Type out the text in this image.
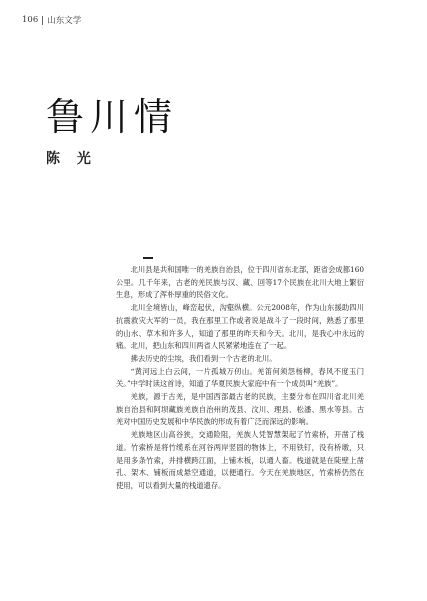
106 山东文学
鲁川情
陈 光

北川县是共和国唯一的羌族自治县，位于四川省东北部，距省会成都160公里。几千年来，古老的羌民族与汉、藏、回等17个民族在北川大地上繁衍生息，形成了浑朴厚重的民俗文化。

北川全境皆山，峰峦起伏，沟壑纵横。公元2008年，作为山东援助四川抗震救灾大军的一员，我在那里工作或者说是战斗了一段时间，熟悉了那里的山水、草木和许多人，知道了那里的昨天和今天。北川，是我心中永远的痛。北川，把山东和四川两省人民紧紧地连在了一起。

拂去历史的尘埃，我们看到一个古老的北川。

“黄河远上白云间，一片孤城万仞山。羌笛何须怨杨柳，春风不度玉门关。”中学时读这首诗，知道了华夏民族大家庭中有一个成员叫“羌族”。

羌族，源于古羌，是中国西部最古老的民族，主要分布在四川省北川羌族自治县和阿坝藏族羌族自治州的茂县、汶川、理县、松潘、黑水等县。古羌对中国历史发展和中华民族的形成有着广泛而深远的影响。

羌族地区山高谷狭，交通险阻，羌族人凭智慧架起了竹索桥，开凿了栈道。竹索桥是将竹缆系在河谷两岸竖固的物体上，不用铁钉，没有桥墩，只是用多条竹索，并排横跨江面，上铺木板，以通人畜。栈道就是在陡壁上凿孔、架木、铺板而成悬空通道，以便通行。今天在羌族地区，竹索桥仍然在使用，可以看到大量的栈道遗存。
